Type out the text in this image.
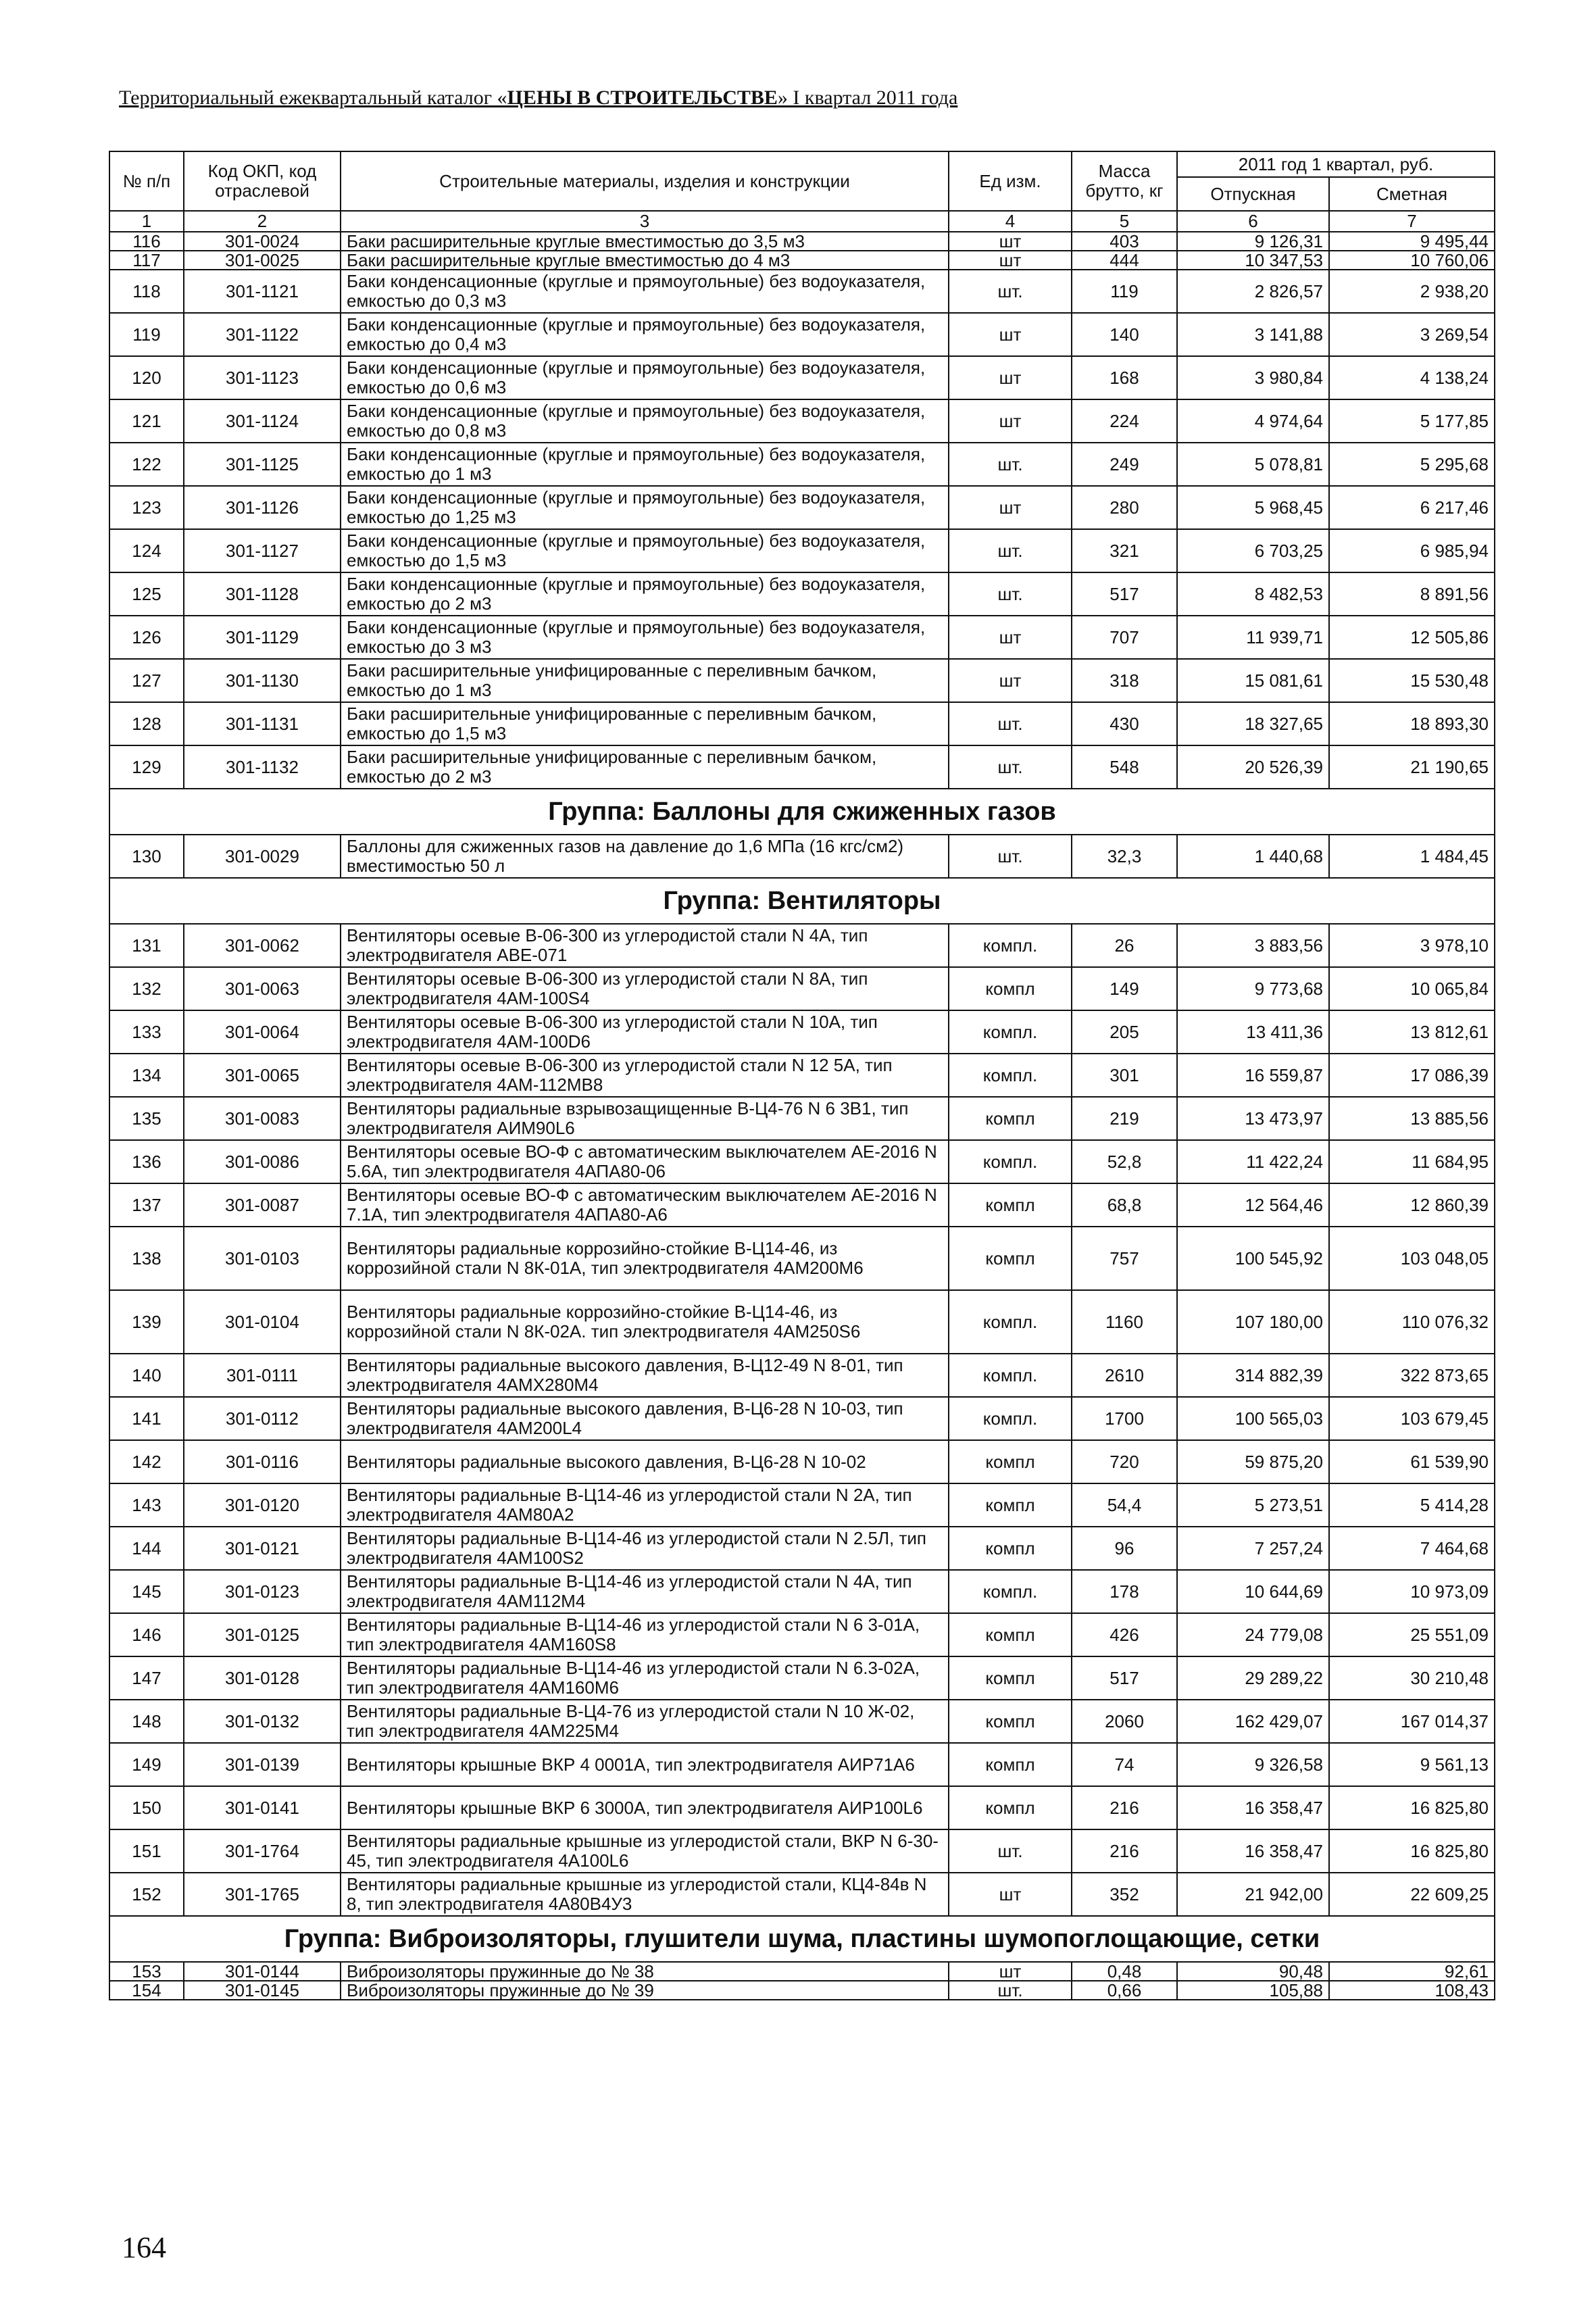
Территориальный ежеквартальный каталог «ЦЕНЫ В СТРОИТЕЛЬСТВЕ» I квартал 2011 года
№ п/п	Код ОКП, код отраслевой	Строительные материалы, изделия и конструкции	Ед изм.	Масса брутто, кг	2011 год 1 квартал, руб.	
					Отпускная	Сметная
1	2	3	4	5	6	7
116	301-0024	Баки расширительные круглые вместимостью до 3,5 м3	шт	403	9 126,31	9 495,44
117	301-0025	Баки расширительные круглые вместимостью до 4 м3	шт	444	10 347,53	10 760,06
118	301-1121	Баки конденсационные (круглые и прямоугольные) без водоуказателя, емкостью до 0,3 м3	шт.	119	2 826,57	2 938,20
119	301-1122	Баки конденсационные (круглые и прямоугольные) без водоуказателя, емкостью до 0,4 м3	шт	140	3 141,88	3 269,54
120	301-1123	Баки конденсационные (круглые и прямоугольные) без водоуказателя, емкостью до 0,6 м3	шт	168	3 980,84	4 138,24
121	301-1124	Баки конденсационные (круглые и прямоугольные) без водоуказателя, емкостью до 0,8 м3	шт	224	4 974,64	5 177,85
122	301-1125	Баки конденсационные (круглые и прямоугольные) без водоуказателя, емкостью до 1 м3	шт.	249	5 078,81	5 295,68
123	301-1126	Баки конденсационные (круглые и прямоугольные) без водоуказателя, емкостью до 1,25 м3	шт	280	5 968,45	6 217,46
124	301-1127	Баки конденсационные (круглые и прямоугольные) без водоуказателя, емкостью до 1,5 м3	шт.	321	6 703,25	6 985,94
125	301-1128	Баки конденсационные (круглые и прямоугольные) без водоуказателя, емкостью до 2 м3	шт.	517	8 482,53	8 891,56
126	301-1129	Баки конденсационные (круглые и прямоугольные) без водоуказателя, емкостью до 3 м3	шт	707	11 939,71	12 505,86
127	301-1130	Баки расширительные унифицированные с переливным бачком, емкостью до 1 м3	шт	318	15 081,61	15 530,48
128	301-1131	Баки расширительные унифицированные с переливным бачком, емкостью до 1,5 м3	шт.	430	18 327,65	18 893,30
129	301-1132	Баки расширительные унифицированные с переливным бачком, емкостью до 2 м3	шт.	548	20 526,39	21 190,65
Группа: Баллоны для сжиженных газов						
130	301-0029	Баллоны для сжиженных газов на давление до 1,6 МПа (16 кгс/см2) вместимостью 50 л	шт.	32,3	1 440,68	1 484,45
Группа: Вентиляторы						
131	301-0062	Вентиляторы осевые В-06-300 из углеродистой стали N 4А, тип электродвигателя АВЕ-071	компл.	26	3 883,56	3 978,10
132	301-0063	Вентиляторы осевые В-06-300 из углеродистой стали N 8А, тип электродвигателя 4АМ-100S4	компл	149	9 773,68	10 065,84
133	301-0064	Вентиляторы осевые В-06-300 из углеродистой стали N 10А, тип электродвигателя 4АМ-100D6	компл.	205	13 411,36	13 812,61
134	301-0065	Вентиляторы осевые В-06-300 из углеродистой стали N 12 5А, тип электродвигателя 4АМ-112МВ8	компл.	301	16 559,87	17 086,39
135	301-0083	Вентиляторы радиальные взрывозащищенные В-Ц4-76 N 6 3В1, тип электродвигателя АИМ90L6	компл	219	13 473,97	13 885,56
136	301-0086	Вентиляторы осевые ВО-Ф с автоматическим выключателем АЕ-2016 N 5.6А, тип электродвигателя 4АПА80-06	компл.	52,8	11 422,24	11 684,95
137	301-0087	Вентиляторы осевые ВО-Ф с автоматическим выключателем АЕ-2016 N 7.1А, тип электродвигателя 4АПА80-А6	компл	68,8	12 564,46	12 860,39
138	301-0103	Вентиляторы радиальные коррозийно-стойкие В-Ц14-46, из коррозийной стали N 8К-01А, тип электродвигателя 4АМ200М6	компл	757	100 545,92	103 048,05
139	301-0104	Вентиляторы радиальные коррозийно-стойкие В-Ц14-46, из коррозийной стали N 8К-02А. тип электродвигателя 4АМ250S6	компл.	1160	107 180,00	110 076,32
140	301-0111	Вентиляторы радиальные высокого давления, В-Ц12-49 N 8-01, тип электродвигателя 4АМХ280М4	компл.	2610	314 882,39	322 873,65
141	301-0112	Вентиляторы радиальные высокого давления, В-Ц6-28 N 10-03, тип электродвигателя 4АМ200L4	компл.	1700	100 565,03	103 679,45
142	301-0116	Вентиляторы радиальные высокого давления, В-Ц6-28 N 10-02	компл	720	59 875,20	61 539,90
143	301-0120	Вентиляторы радиальные В-Ц14-46 из углеродистой стали N 2А, тип электродвигателя 4АМ80А2	компл	54,4	5 273,51	5 414,28
144	301-0121	Вентиляторы радиальные В-Ц14-46 из углеродистой стали N 2.5Л, тип электродвигателя 4АМ100S2	компл	96	7 257,24	7 464,68
145	301-0123	Вентиляторы радиальные В-Ц14-46 из углеродистой стали N 4А, тип электродвигателя 4АМ112М4	компл.	178	10 644,69	10 973,09
146	301-0125	Вентиляторы радиальные В-Ц14-46 из углеродистой стали N 6 3-01А, тип электродвигателя 4АМ160S8	компл	426	24 779,08	25 551,09
147	301-0128	Вентиляторы радиальные В-Ц14-46 из углеродистой стали N 6.3-02А, тип электродвигателя 4АМ160М6	компл	517	29 289,22	30 210,48
148	301-0132	Вентиляторы радиальные В-Ц4-76 из углеродистой стали N 10 Ж-02, тип электродвигателя 4АМ225М4	компл	2060	162 429,07	167 014,37
149	301-0139	Вентиляторы крышные ВКР 4 0001А, тип электродвигателя АИР71А6	компл	74	9 326,58	9 561,13
150	301-0141	Вентиляторы крышные ВКР 6 3000А, тип электродвигателя АИР100L6	компл	216	16 358,47	16 825,80
151	301-1764	Вентиляторы радиальные крышные из углеродистой стали, ВКР N 6-30-45, тип электродвигателя 4А100L6	шт.	216	16 358,47	16 825,80
152	301-1765	Вентиляторы радиальные крышные из углеродистой стали, КЦ4-84в N 8, тип электродвигателя 4А80В4У3	шт	352	21 942,00	22 609,25
Группа: Виброизоляторы, глушители шума, пластины шумопоглощающие, сетки						
153	301-0144	Виброизоляторы пружинные до № 38	шт	0,48	90,48	92,61
154	301-0145	Виброизоляторы пружинные до № 39	шт.	0,66	105,88	108,43
164
